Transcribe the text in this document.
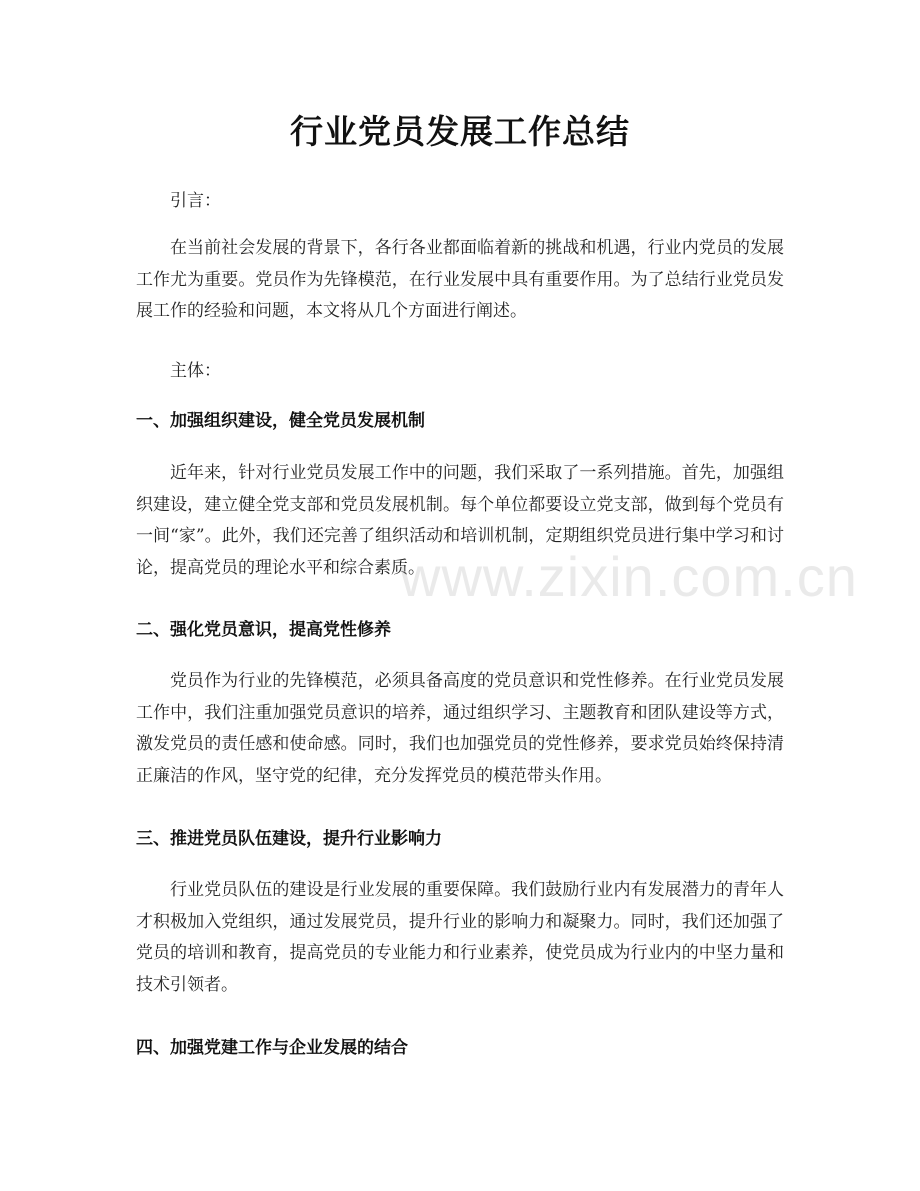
行业党员发展工作总结

引言：

在当前社会发展的背景下，各行各业都面临着新的挑战和机遇，行业内党员的发展工作尤为重要。党员作为先锋模范，在行业发展中具有重要作用。为了总结行业党员发展工作的经验和问题，本文将从几个方面进行阐述。

主体：

一、加强组织建设，健全党员发展机制

近年来，针对行业党员发展工作中的问题，我们采取了一系列措施。首先，加强组织建设，建立健全党支部和党员发展机制。每个单位都要设立党支部，做到每个党员有一间“家”。此外，我们还完善了组织活动和培训机制，定期组织党员进行集中学习和讨论，提高党员的理论水平和综合素质。

二、强化党员意识，提高党性修养

党员作为行业的先锋模范，必须具备高度的党员意识和党性修养。在行业党员发展工作中，我们注重加强党员意识的培养，通过组织学习、主题教育和团队建设等方式，激发党员的责任感和使命感。同时，我们也加强党员的党性修养，要求党员始终保持清正廉洁的作风，坚守党的纪律，充分发挥党员的模范带头作用。

三、推进党员队伍建设，提升行业影响力

行业党员队伍的建设是行业发展的重要保障。我们鼓励行业内有发展潜力的青年人才积极加入党组织，通过发展党员，提升行业的影响力和凝聚力。同时，我们还加强了党员的培训和教育，提高党员的专业能力和行业素养，使党员成为行业内的中坚力量和技术引领者。

四、加强党建工作与企业发展的结合
www.zixin.com.cn
